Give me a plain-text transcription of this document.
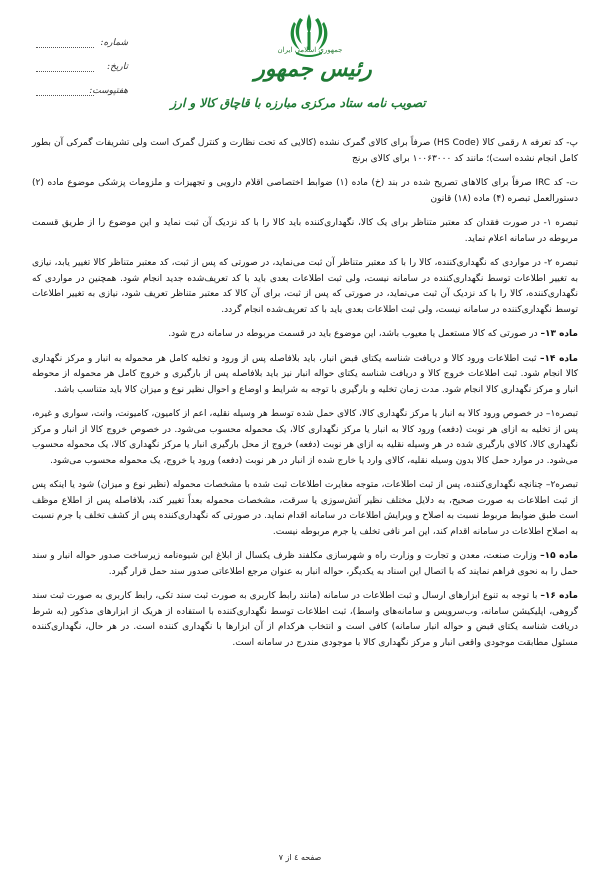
جمهوری اسلامی ایران
رئیس جمهور
تصویب نامه ستاد مرکزی مبارزه با قاچاق کالا و ارز
شماره:
تاریخ:
هفتپوست:

پ- کد تعرفه ۸ رقمی کالا (HS Code) صرفاً برای کالای گمرک نشده (کالایی که تحت نظارت و کنترل گمرک است ولی تشریفات گمرکی آن بطور کامل انجام نشده است)؛ مانند کد ۱۰۰۶۳۰۰۰ برای کالای برنج

ت- کد IRC صرفاً برای کالاهای تصریح شده در بند (خ) ماده (۱) ضوابط اختصاصی اقلام دارویی و تجهیزات و ملزومات پزشکی موضوع ماده (۲) دستورالعمل تبصره (۴) ماده (۱۸) قانون

تبصره ۱- در صورت فقدان کد معتبر متناظر برای یک کالا، نگهداری‌کننده باید کالا را با کد نزدیک آن ثبت نماید و این موضوع را از طریق قسمت مربوطه در سامانه اعلام نماید.

تبصره ۲- در مواردی که نگهداری‌کننده، کالا را با کد معتبر متناظر آن ثبت می‌نماید، در صورتی که پس از ثبت، کد معتبر متناظر کالا تغییر یابد، نیازی به تغییر اطلاعات توسط نگهداری‌کننده در سامانه نیست، ولی ثبت اطلاعات بعدی باید با کد تعریف‌شده جدید انجام شود. همچنین در مواردی که نگهداری‌کننده، کالا را با کد نزدیک آن ثبت می‌نماید، در صورتی که پس از ثبت، برای آن کالا کد معتبر متناظر تعریف شود، نیازی به تغییر اطلاعات توسط نگهداری‌کننده در سامانه نیست، ولی ثبت اطلاعات بعدی باید با کد تعریف‌شده انجام گردد.

ماده ۱۳– در صورتی که کالا مستعمل یا معیوب باشد، این موضوع باید در قسمت مربوطه در سامانه درج شود.

ماده ۱۴– ثبت اطلاعات ورود کالا و دریافت شناسه یکتای قبض انبار، باید بلافاصله پس از ورود و تخلیه کامل هر محموله به انبار و مرکز نگهداری کالا انجام شود. ثبت اطلاعات خروج کالا و دریافت شناسه یکتای حواله انبار نیز باید بلافاصله پس از بارگیری و خروج کامل هر محموله از محوطه انبار و مرکز نگهداری کالا انجام شود. مدت زمان تخلیه و بارگیری با توجه به شرایط و اوضاع و احوال نظیر نوع و میزان کالا باید متناسب باشد.

تبصره۱– در خصوص ورود کالا به انبار یا مرکز نگهداری کالا، کالای حمل شده توسط هر وسیله نقلیه، اعم از کامیون، کامیونت، وانت، سواری و غیره، پس از تخلیه به ازای هر نوبت (دفعه) ورود کالا به انبار یا مرکز نگهداری کالا، یک محموله محسوب می‌شود. در خصوص خروج کالا از انبار و مرکز نگهداری کالا، کالای بارگیری شده در هر وسیله نقلیه به ازای هر نوبت (دفعه) خروج از محل بارگیری انبار یا مرکز نگهداری کالا، یک محموله محسوب می‌شود. در موارد حمل کالا بدون وسیله نقلیه، کالای وارد یا خارج شده از انبار در هر نوبت (دفعه) ورود یا خروج، یک محموله محسوب می‌شود.

تبصره۲– چنانچه نگهداری‌کننده، پس از ثبت اطلاعات، متوجه مغایرت اطلاعات ثبت شده با مشخصات محموله (نظیر نوع و میزان) شود یا اینکه پس از ثبت اطلاعات به صورت صحیح، به دلایل مختلف نظیر آتش‌سوزی یا سرقت، مشخصات محموله بعداً تغییر کند، بلافاصله پس از اطلاع موظف است طبق ضوابط مربوط نسبت به اصلاح و ویرایش اطلاعات در سامانه اقدام نماید. در صورتی که نگهداری‌کننده پس از کشف تخلف یا جرم نسبت به اصلاح اطلاعات در سامانه اقدام کند، این امر نافی تخلف یا جرم مربوطه نیست.

ماده ۱۵– وزارت صنعت، معدن و تجارت و وزارت راه و شهرسازی مکلفند ظرف یکسال از ابلاغ این شیوه‌نامه زیرساخت صدور حواله انبار و سند حمل را به نحوی فراهم نمایند که با اتصال این اسناد به یکدیگر، حواله انبار به عنوان مرجع اطلاعاتی صدور سند حمل قرار گیرد.

ماده ۱۶– با توجه به تنوع ابزارهای ارسال و ثبت اطلاعات در سامانه (مانند رابط کاربری به صورت ثبت سند تکی، رابط کاربری به صورت ثبت سند گروهی، اپلیکیشن سامانه، وب‌سرویس و سامانه‌های واسط)، ثبت اطلاعات توسط نگهداری‌کننده با استفاده از هریک از ابزارهای مذکور (به شرط دریافت شناسه یکتای قبض و حواله انبار سامانه) کافی است و انتخاب هرکدام از آن ابزارها با نگهداری کننده است. در هر حال، نگهداری‌کننده مسئول مطابقت موجودی واقعی انبار و مرکز نگهداری کالا با موجودی مندرج در سامانه است.

صفحه ٤ از ٧
